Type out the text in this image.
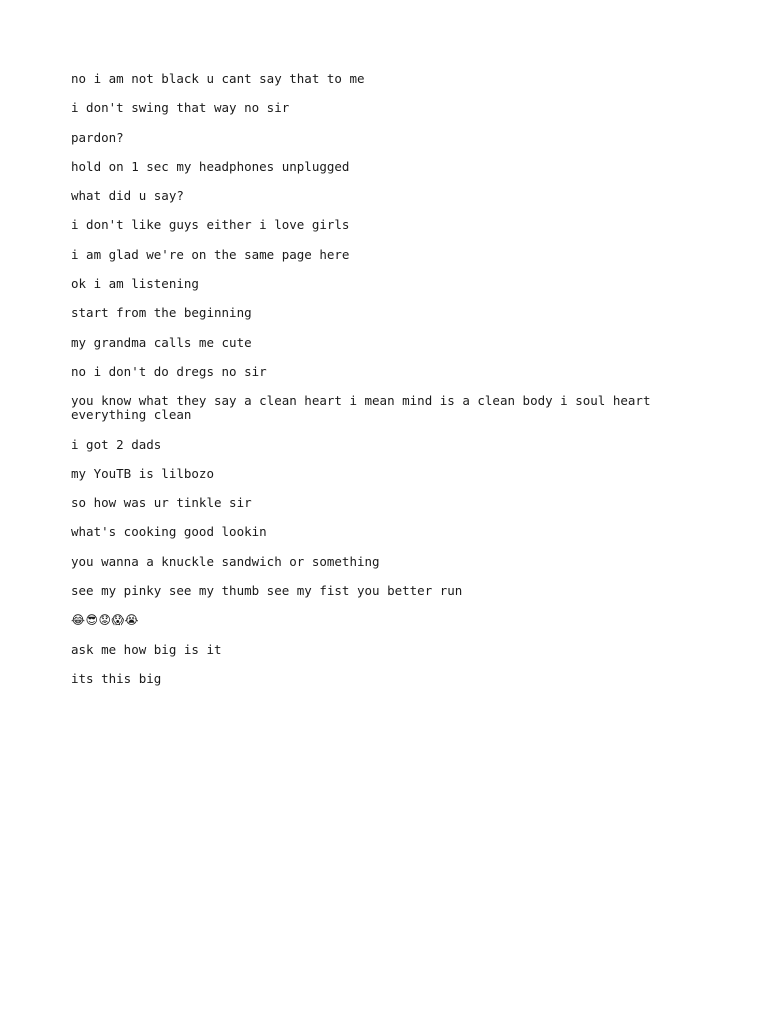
no i am not black u cant say that to me

i don't swing that way no sir

pardon?

hold on 1 sec my headphones unplugged

what did u say?

i don't like guys either i love girls

i am glad we're on the same page here

ok i am listening

start from the beginning

my grandma calls me cute

no i don't do dregs no sir

you know what they say a clean heart i mean mind is a clean body i soul heart everything clean

i got 2 dads

my YouTB is lilbozo

so how was ur tinkle sir

what's cooking good lookin

you wanna a knuckle sandwich or something

see my pinky see my thumb see my fist you better run

😂😎😟😱😭

ask me how big is it

its this big
